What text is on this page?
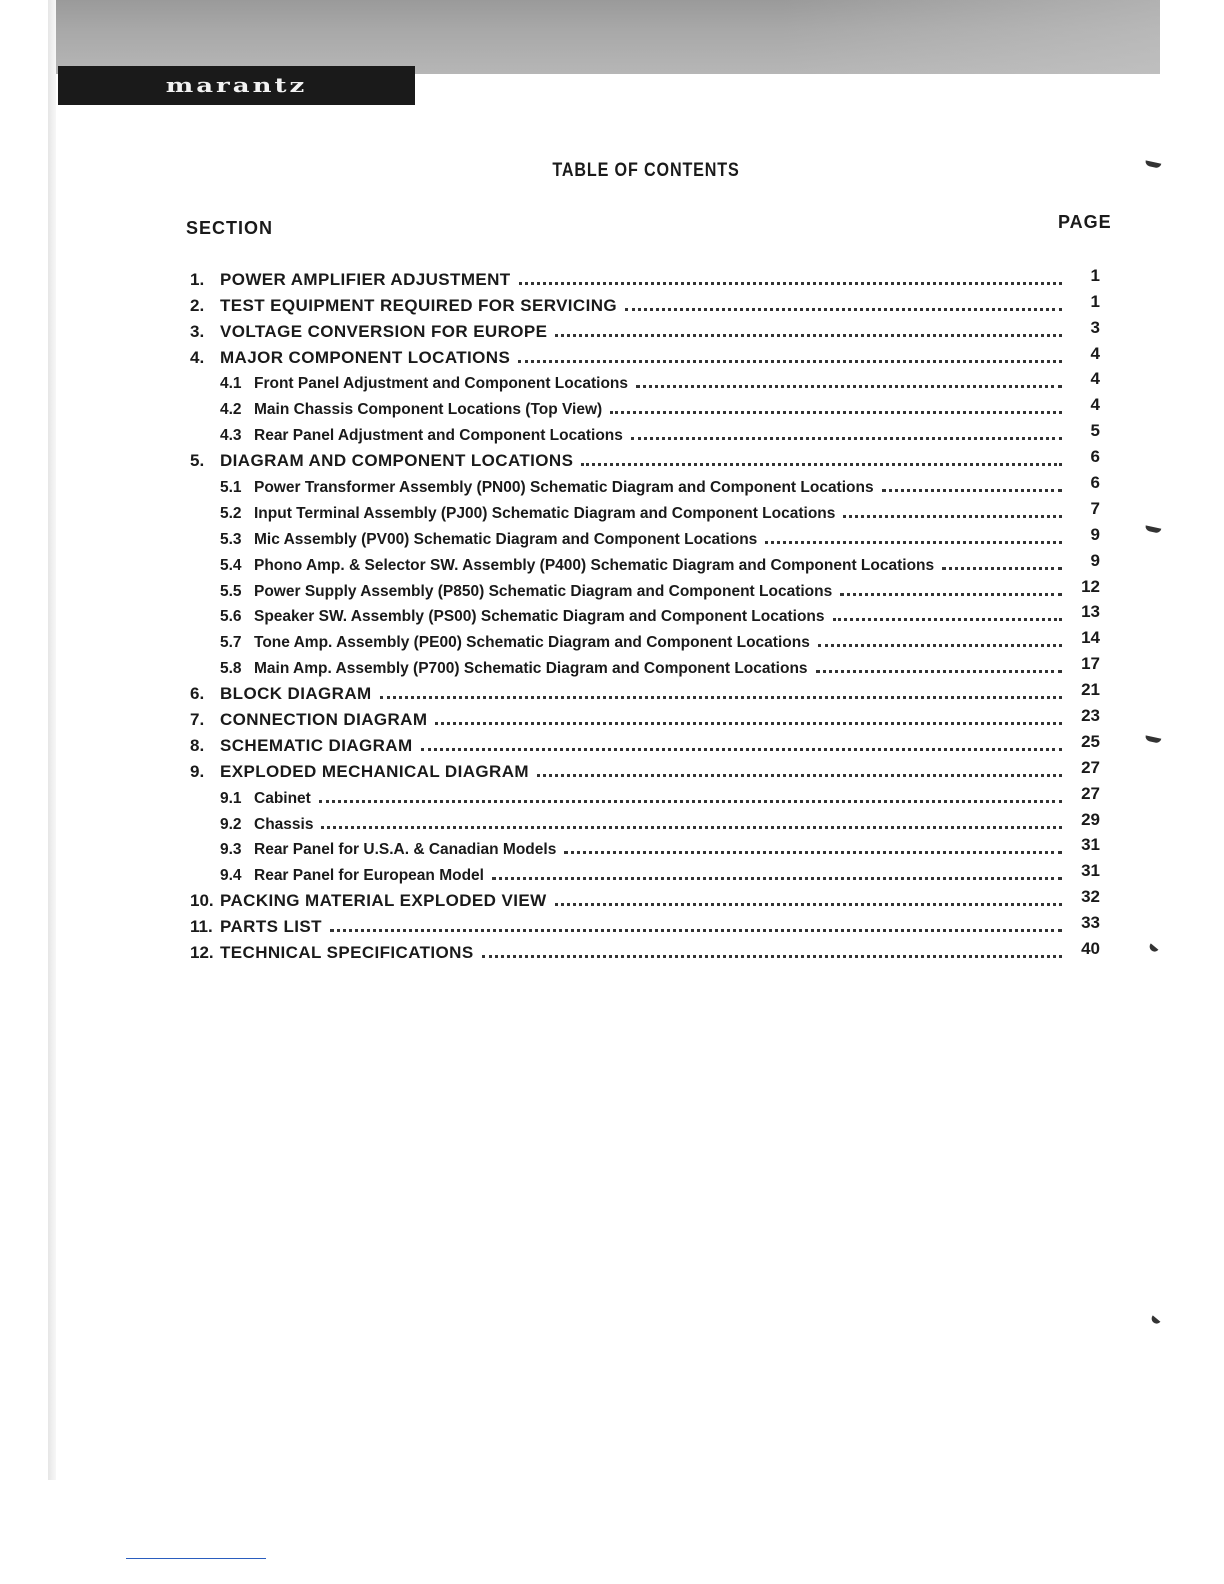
marantz
TABLE OF CONTENTS
SECTION	PAGE
1. POWER AMPLIFIER ADJUSTMENT	1
2. TEST EQUIPMENT REQUIRED FOR SERVICING	1
3. VOLTAGE CONVERSION FOR EUROPE	3
4. MAJOR COMPONENT LOCATIONS	4
4.1 Front Panel Adjustment and Component Locations	4
4.2 Main Chassis Component Locations (Top View)	4
4.3 Rear Panel Adjustment and Component Locations	5
5. DIAGRAM AND COMPONENT LOCATIONS	6
5.1 Power Transformer Assembly (PN00) Schematic Diagram and Component Locations	6
5.2 Input Terminal Assembly (PJ00) Schematic Diagram and Component Locations	7
5.3 Mic Assembly (PV00) Schematic Diagram and Component Locations	9
5.4 Phono Amp. & Selector SW. Assembly (P400) Schematic Diagram and Component Locations	9
5.5 Power Supply Assembly (P850) Schematic Diagram and Component Locations	12
5.6 Speaker SW. Assembly (PS00) Schematic Diagram and Component Locations	13
5.7 Tone Amp. Assembly (PE00) Schematic Diagram and Component Locations	14
5.8 Main Amp. Assembly (P700) Schematic Diagram and Component Locations	17
6. BLOCK DIAGRAM	21
7. CONNECTION DIAGRAM	23
8. SCHEMATIC DIAGRAM	25
9. EXPLODED MECHANICAL DIAGRAM	27
9.1 Cabinet	27
9.2 Chassis	29
9.3 Rear Panel for U.S.A. & Canadian Models	31
9.4 Rear Panel for European Model	31
10. PACKING MATERIAL EXPLODED VIEW	32
11. PARTS LIST	33
12. TECHNICAL SPECIFICATIONS	40
